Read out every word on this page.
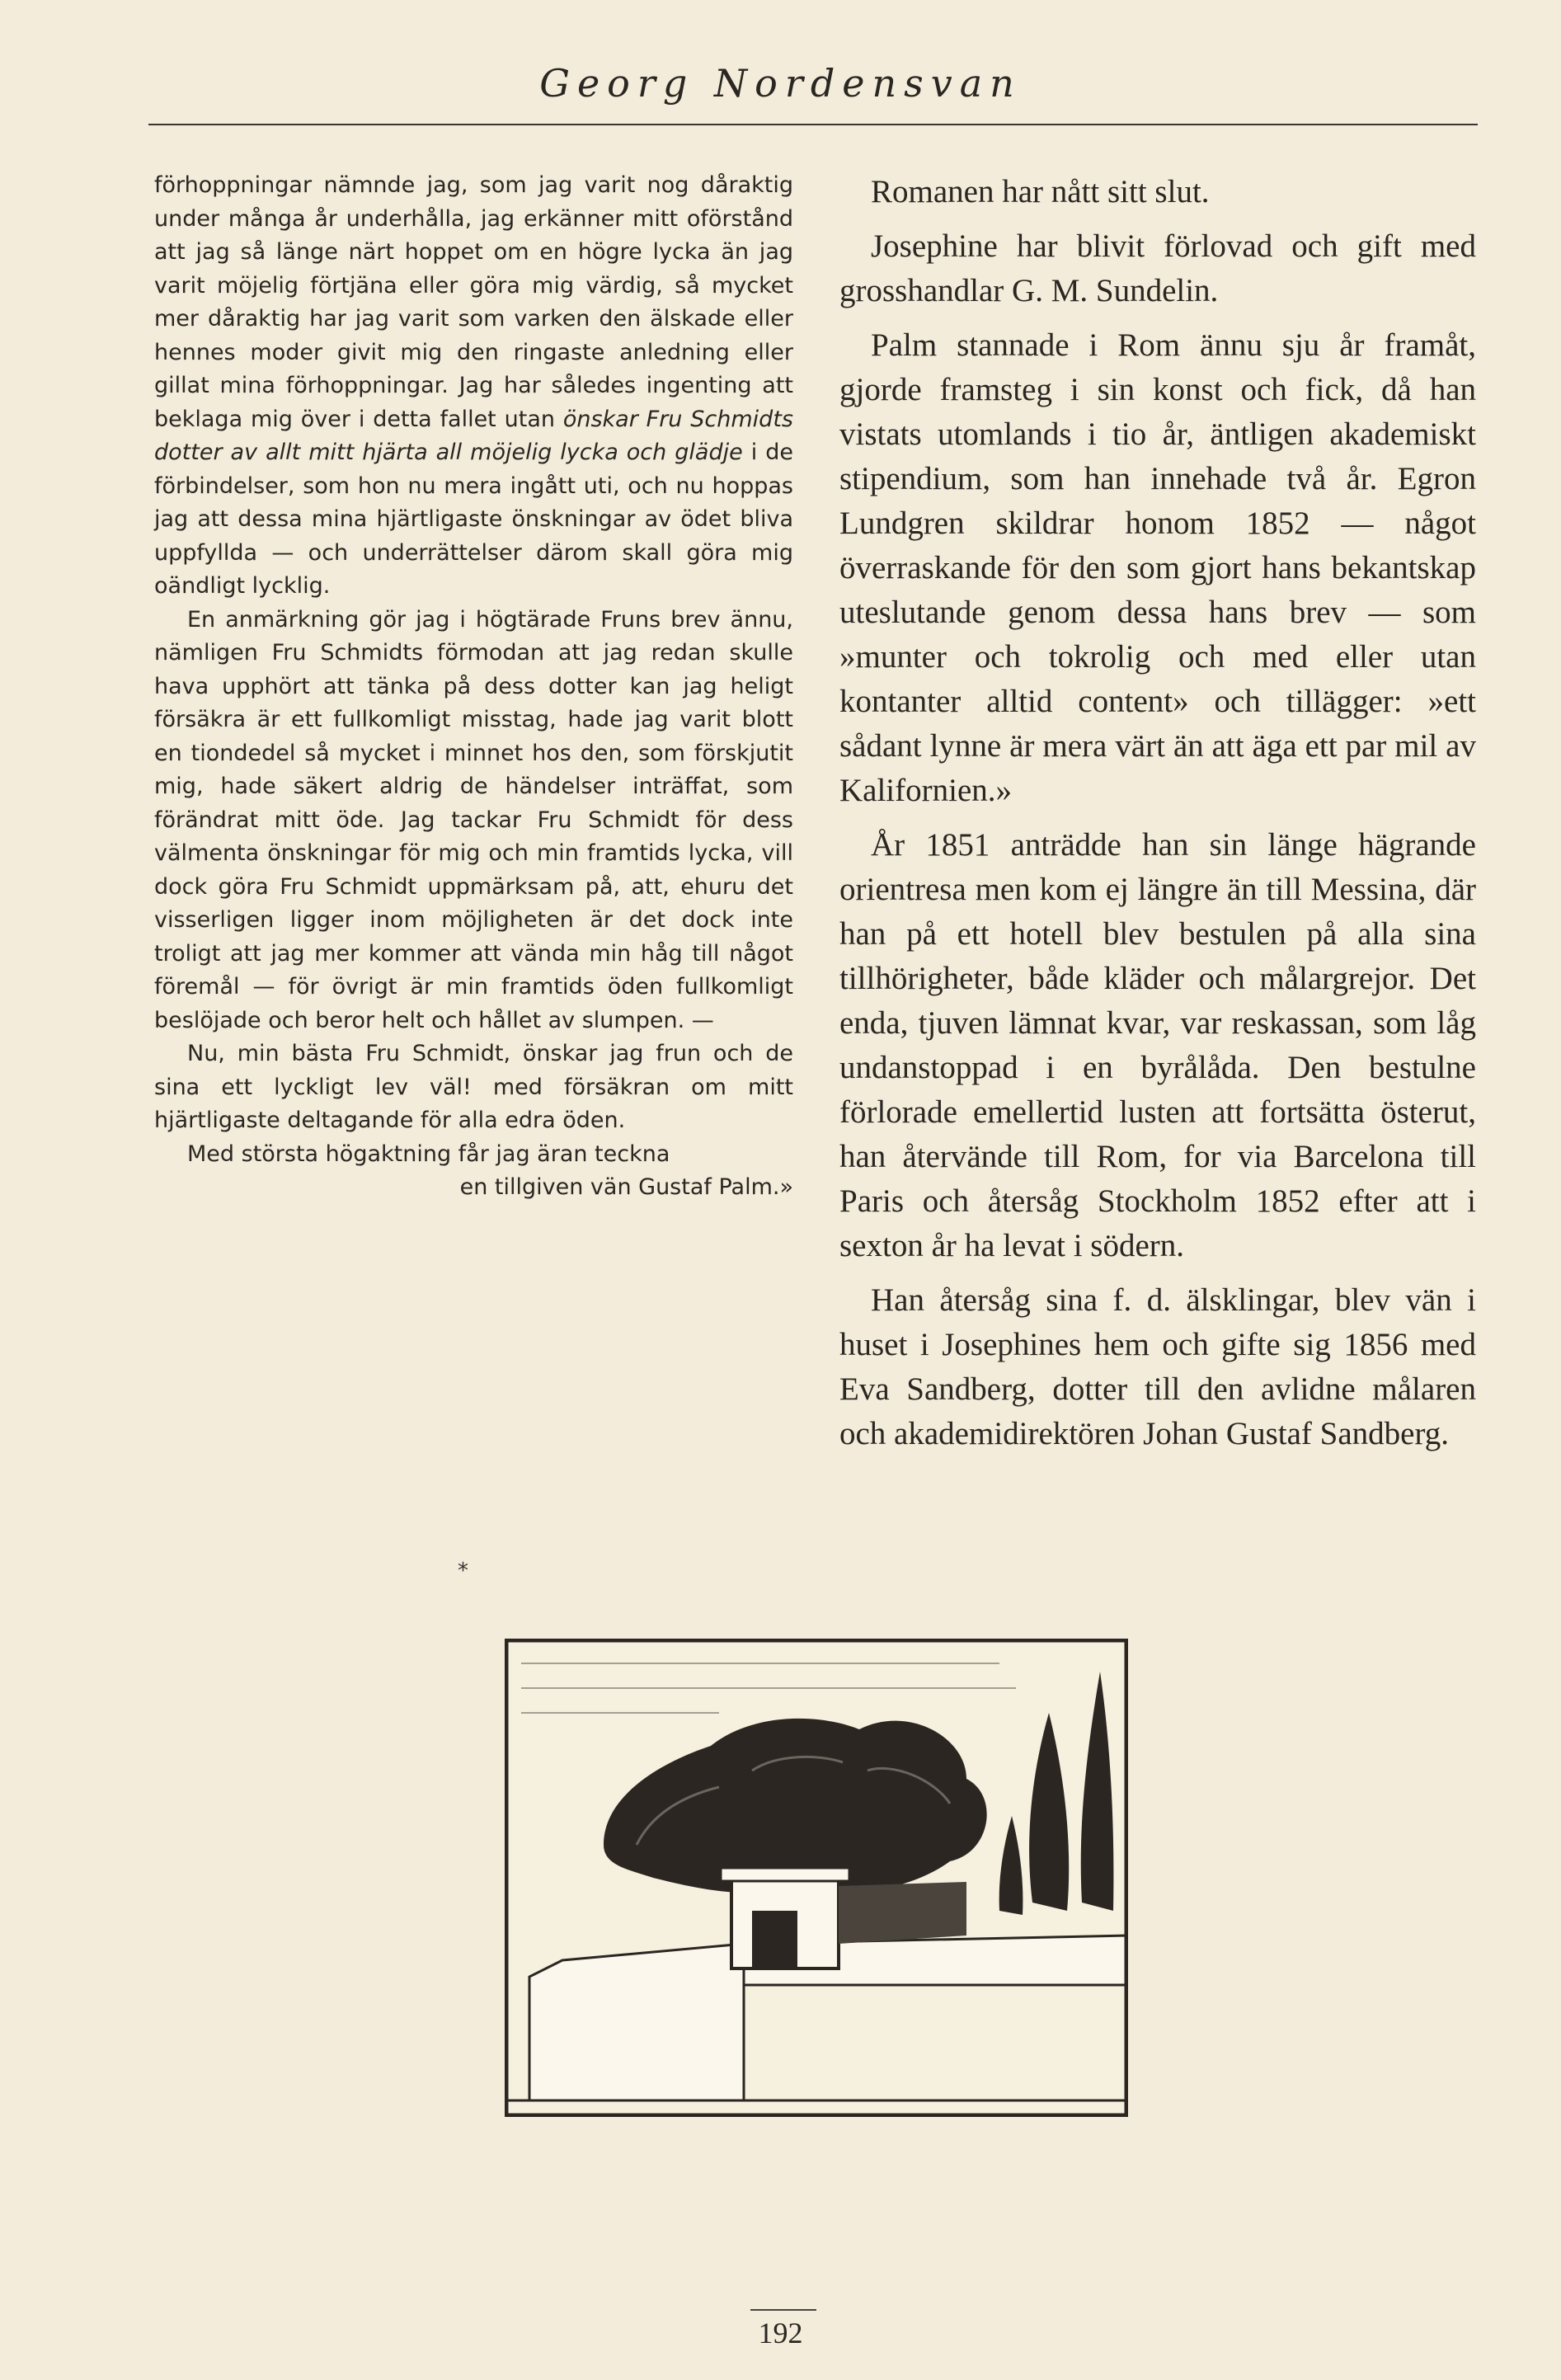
Georg Nordensvan

förhoppningar nämnde jag, som jag varit nog dåraktig under många år underhålla, jag erkänner mitt oförstånd att jag så länge närt hoppet om en högre lycka än jag varit möjelig förtjäna eller göra mig värdig, så mycket mer dåraktig har jag varit som varken den älskade eller hennes moder givit mig den ringaste anledning eller gillat mina förhoppningar. Jag har således ingenting att beklaga mig över i detta fallet utan önskar Fru Schmidts dotter av allt mitt hjärta all möjelig lycka och glädje i de förbindelser, som hon nu mera ingått uti, och nu hoppas jag att dessa mina hjärtligaste önskningar av ödet bliva uppfyllda — och underrättelser därom skall göra mig oändligt lycklig.

En anmärkning gör jag i högtärade Fruns brev ännu, nämligen Fru Schmidts förmodan att jag redan skulle hava upphört att tänka på dess dotter kan jag heligt försäkra är ett fullkomligt misstag, hade jag varit blott en tiondedel så mycket i minnet hos den, som förskjutit mig, hade säkert aldrig de händelser inträffat, som förändrat mitt öde. Jag tackar Fru Schmidt för dess välmenta önskningar för mig och min framtids lycka, vill dock göra Fru Schmidt uppmärksam på, att, ehuru det visserligen ligger inom möjligheten är det dock inte troligt att jag mer kommer att vända min håg till något föremål — för övrigt är min framtids öden fullkomligt beslöjade och beror helt och hållet av slumpen. —

Nu, min bästa Fru Schmidt, önskar jag frun och de sina ett lyckligt lev väl! med försäkran om mitt hjärtligaste deltagande för alla edra öden.

Med största högaktning får jag äran teckna

en tillgiven vän Gustaf Palm.»

*

Romanen har nått sitt slut.

Josephine har blivit förlovad och gift med grosshandlar G. M. Sundelin.

Palm stannade i Rom ännu sju år framåt, gjorde framsteg i sin konst och fick, då han vistats utomlands i tio år, äntligen akademiskt stipendium, som han innehade två år. Egron Lundgren skildrar honom 1852 — något överraskande för den som gjort hans bekantskap uteslutande genom dessa hans brev — som »munter och tokrolig och med eller utan kontanter alltid content» och tillägger: »ett sådant lynne är mera värt än att äga ett par mil av Kalifornien.»

År 1851 anträdde han sin länge hägrande orientresa men kom ej längre än till Messina, där han på ett hotell blev bestulen på alla sina tillhörigheter, både kläder och målargrejor. Det enda, tjuven lämnat kvar, var reskassan, som låg undanstoppad i en byrålåda. Den bestulne förlorade emellertid lusten att fortsätta österut, han återvände till Rom, for via Barcelona till Paris och återsåg Stockholm 1852 efter att i sexton år ha levat i södern.

Han återsåg sina f. d. älsklingar, blev vän i huset i Josephines hem och gifte sig 1856 med Eva Sandberg, dotter till den avlidne målaren och akademidirektören Johan Gustaf Sandberg.

192
